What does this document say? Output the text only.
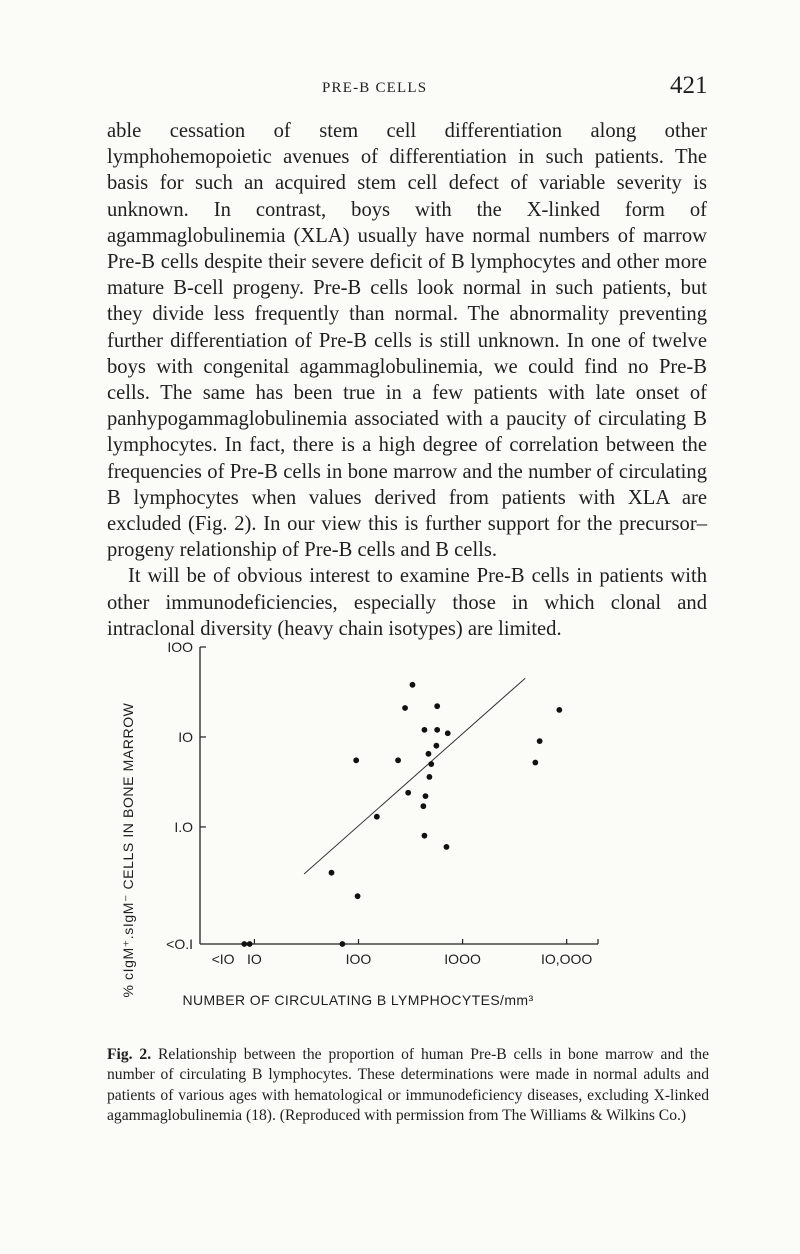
PRE-B CELLS	421

able cessation of stem cell differentiation along other lymphohemopoietic avenues of differentiation in such patients. The basis for such an acquired stem cell defect of variable severity is unknown. In contrast, boys with the X-linked form of agammaglobulinemia (XLA) usually have normal numbers of marrow Pre-B cells despite their severe deficit of B lymphocytes and other more mature B-cell progeny. Pre-B cells look normal in such patients, but they divide less frequently than normal. The abnormality preventing further differentiation of Pre-B cells is still unknown. In one of twelve boys with congenital agammaglobulinemia, we could find no Pre-B cells. The same has been true in a few patients with late onset of panhypogammaglobulinemia associated with a paucity of circulating B lymphocytes. In fact, there is a high degree of correlation between the frequencies of Pre-B cells in bone marrow and the number of circulating B lymphocytes when values derived from patients with XLA are excluded (Fig. 2). In our view this is further support for the precursor–progeny relationship of Pre-B cells and B cells.

It will be of obvious interest to examine Pre-B cells in patients with other immunodeficiencies, especially those in which clonal and intraclonal diversity (heavy chain isotypes) are limited.

<O.I
I.O
IO
IOO
<IO IO	IOO	IOOO	IO,OOO
% cIgM⁺.sIgM⁻ CELLS IN BONE MARROW
NUMBER OF CIRCULATING B LYMPHOCYTES/mm³
Fig. 2. Relationship between the proportion of human Pre-B cells in bone marrow and the number of circulating B lymphocytes. These determinations were made in normal adults and patients of various ages with hematological or immunodeficiency diseases, excluding X-linked agammaglobulinemia (18). (Reproduced with permission from The Williams & Wilkins Co.)
